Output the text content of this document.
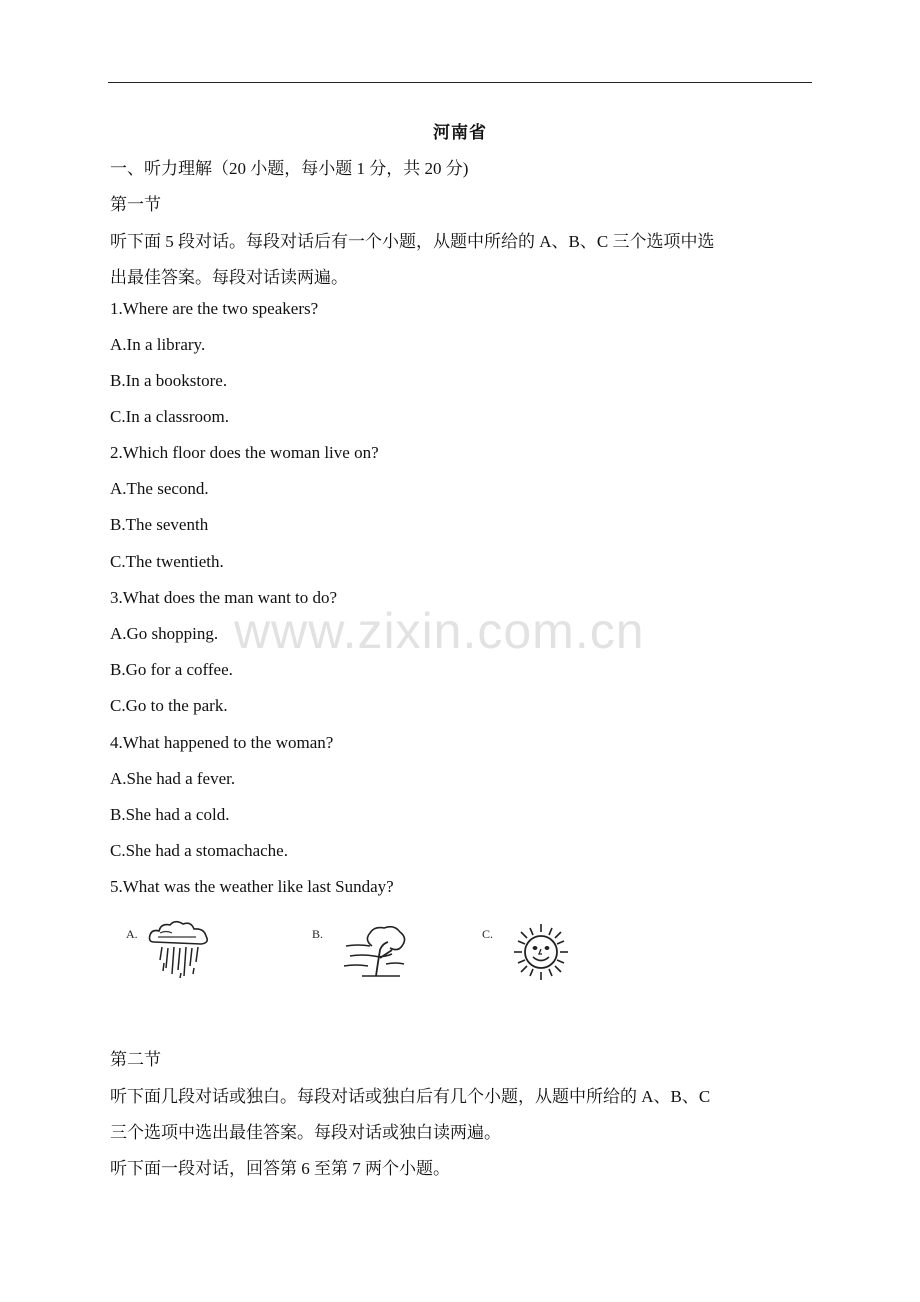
河南省
一、听力理解（20 小题，每小题 1 分，共 20 分)
第一节
听下面 5 段对话。每段对话后有一个小题，从题中所给的 A、B、C 三个选项中选
出最佳答案。每段对话读两遍。
1.Where are the two speakers?
A.In a library.
B.In a bookstore.
C.In a classroom.
2.Which floor does the woman live on?
A.The second.
B.The seventh
C.The twentieth.
3.What does the man want to do?
A.Go shopping.
B.Go for a coffee.
C.Go to the park.
4.What happened to the woman?
A.She had a fever.
B.She had a cold.
C.She had a stomachache.
5.What was the weather like last Sunday?
A.	B.	C.
第二节
听下面几段对话或独白。每段对话或独白后有几个小题，从题中所给的 A、B、C
三个选项中选出最佳答案。每段对话或独白读两遍。
听下面一段对话，回答第 6 至第 7 两个小题。
www.zixin.com.cn
